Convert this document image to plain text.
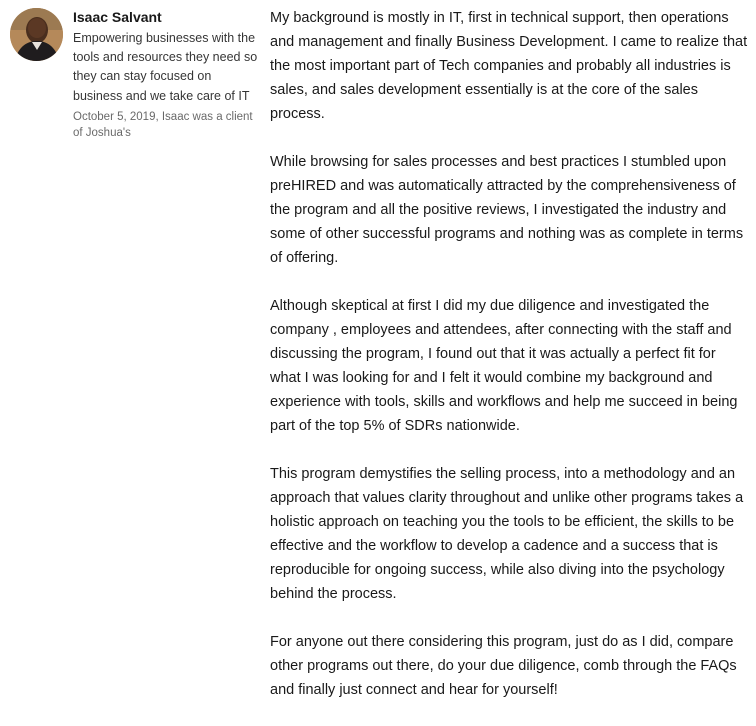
Isaac Salvant

Empowering businesses with the tools and resources they need so they can stay focused on business and we take care of IT

October 5, 2019, Isaac was a client of Joshua's

My background is mostly in IT, first in technical support, then operations and management and finally Business Development. I came to realize that the most important part of Tech companies and probably all industries is sales, and sales development essentially is at the core of the sales process.

While browsing for sales processes and best practices I stumbled upon preHIRED and was automatically attracted by the comprehensiveness of the program and all the positive reviews, I investigated the industry and some of other successful programs and nothing was as complete in terms of offering.

Although skeptical at first I did my due diligence and investigated the company , employees and attendees, after connecting with the staff and discussing the program, I found out that it was actually a perfect fit for what I was looking for and I felt it would combine my background and experience with tools, skills and workflows and help me succeed in being part of the top 5% of SDRs nationwide.

This program demystifies the selling process, into a methodology and an approach that values clarity throughout and unlike other programs takes a holistic approach on teaching you the tools to be efficient, the skills to be effective and the workflow to develop a cadence and a success that is reproducible for ongoing success, while also diving into the psychology behind the process.

For anyone out there considering this program, just do as I did, compare other programs out there, do your due diligence, comb through the FAQs and finally just connect and hear for yourself!
